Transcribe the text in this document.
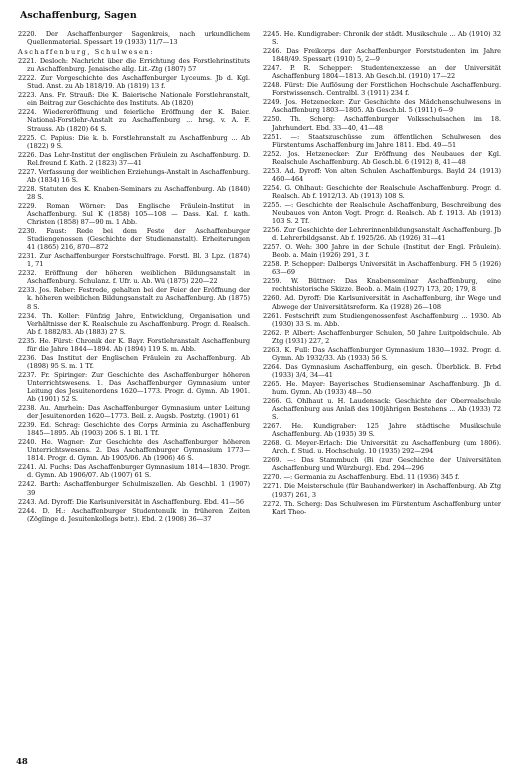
Aschaffenburg, Sagen

2220. Der Aschaffenburger Sagenkreis, nach urkundlichem Quellenmaterial. Spessart 19 (1933) 11/7—13

Aschaffenburg, Schulwesen:

2221. Desloch: Nachricht über die Errichtung des Forstlehrinstituts zu Aschaffenburg. Jenaische allg. Lit.-Ztg (1807) 57

2222. Zur Vorgeschichte des Aschaffenburger Lyceums. Jb d. Kgl. Stud. Anst. zu Ab 1818/19. Ab (1819) 13 f.

2223. Ans. Fr. Strauß: Die K. Baierische Nationale Forstlehranstalt, ein Beitrag zur Geschichte des Instituts. Ab (1820)

2224. Wiedereröffnung und feierliche Eröffnung der K. Baier. National-Forstlehr-Anstalt zu Aschaffenburg ... hrsg. v. A. F. Strauss. Ab (1820) 64 S.

2225. C. Papius: Die k. b. Forstlehranstalt zu Aschaffenburg ... Ab (1822) 9 S.

2226. Das Lehr-Institut der englischen Fräulein zu Aschaffenburg. D. Rel.freund f. Kath. 2 (1823) 37—41

2227. Verfassung der weiblichen Erziehungs-Anstalt in Aschaffenburg. Ab (1834) 16 S.

2228. Statuten des K. Knaben-Seminars zu Aschaffenburg. Ab (1840) 28 S.

2229. Roman Wörner: Das Englische Fräulein-Institut in Aschaffenburg. Sul K (1858) 105—108 — Dass. Kal. f. kath. Christen (1858) 87—90 m. 1 Abb.

2230. Faust: Rede bei dem Feste der Aschaffenburger Studiengenossen (Geschichte der Studienanstalt). Erheiterungen 41 (1865) 216, 870—872

2231. Zur Aschaffenburger Forstschulfrage. Forstl. Bl. 3 Lpz. (1874) 1, 71

2232. Eröffnung der höheren weiblichen Bildungsanstalt in Aschaffenburg. Schulanz. f. Ufr. u. Ab. Wü (1875) 220—22

2233. Jos. Reber: Festrede, gehalten bei der Feier der Eröffnung der k. höheren weiblichen Bildungsanstalt zu Aschaffenburg. Ab (1875) 8 S.

2234. Th. Koller: Fünfzig Jahre, Entwicklung, Organisation und Verhältnisse der K. Realschule zu Aschaffenburg. Progr. d. Realsch. Ab f. 1882/83. Ab (1883) 27 S.

2235. He. Fürst: Chronik der K. Bayr. Forstlehranstalt Aschaffenburg für die Jahre 1844—1894. Ab (1894) 119 S. m. Abb.

2236. Das Institut der Englischen Fräulein zu Aschaffenburg. Ab (1898) 95 S. m. 1 Tf.

2237. Fr. Spiringer: Zur Geschichte des Aschaffenburger höheren Unterrichtswesens. 1. Das Aschaffenburger Gymnasium unter Leitung des Jesuitenordens 1620—1773. Progr. d. Gymn. Ab 1901. Ab (1901) 52 S.

2238. Au. Amrhein: Das Aschaffenburger Gymnasium unter Leitung der Jesuitenorden 1620—1773. Beil. z. Augsb. Postztg. (1901) 61

2239. Ed. Schrag: Geschichte des Corps Arminia zu Aschaffenburg 1845—1895. Ab (1903) 206 S. 1 Bl. 1 Tf.

2240. He. Wagner: Zur Geschichte des Aschaffenburger höheren Unterrichtswesens. 2. Das Aschaffenburger Gymnasium 1773—1814. Progr. d. Gymn. Ab 1905/06. Ab (1906) 46 S.

2241. Al. Fuchs: Das Aschaffenburger Gymnasium 1814—1830. Progr. d. Gymn. Ab 1906/07. Ab (1907) 61 S.

2242. Barth: Aschaffenburger Schulmiszellen. Ab Geschbl. 1 (1907) 39

2243. Ad. Dyroff: Die Karlsuniversität in Aschaffenburg. Ebd. 41—56

2244. D. H.: Aschaffenburger Studentenulk in früheren Zeiten (Zöglinge d. Jesuitenkollegs betr.). Ebd. 2 (1908) 36—37

2245. He. Kundigraber: Chronik der städt. Musikschule ... Ab (1910) 32 S.

2246. Das Freikorps der Aschaffenburger Forststudenten im Jahre 1848/49. Spessart (1910) 5, 2—9

2247. P. R. Schepper: Studentenexzesse an der Universität Aschaffenburg 1804—1813. Ab Gesch.bl. (1910) 17—22

2248. Fürst: Die Auflösung der Forstlichen Hochschule Aschaffenburg. Forstwissensch. Centralbl. 3 (1911) 234 f.

2249. Jos. Hetzenecker: Zur Geschichte des Mädchenschulwesens in Aschaffenburg 1803—1805. Ab Gesch.bl. 5 (1911) 6—9

2250. Th. Scherg: Aschaffenburger Volksschulsachen im 18. Jahrhundert. Ebd. 33—40, 41—48

2251. —: Staatszuschüsse zum öffentlichen Schulwesen des Fürstentums Aschaffenburg im Jahre 1811. Ebd. 49—51

2252. Jos. Hetzenecker: Zur Eröffnung des Neubaues der Kgl. Realschule Aschaffenburg. Ab Gesch.bl. 6 (1912) 8, 41—48

2253. Ad. Dyroff: Von alten Schulen Aschaffenburgs. Bayld 24 (1913) 460—464

2254. G. Ohlhaut: Geschichte der Realschule Aschaffenburg. Progr. d. Realsch. Ab f. 1912/13. Ab (1913) 108 S.

2255. —: Geschichte der Realschule Aschaffenburg, Beschreibung des Neubaues von Anton Vogt. Progr. d. Realsch. Ab f. 1913. Ab (1913) 103 S. 2 Tf.

2256. Zur Geschichte der Lehrerinnenbildungsanstalt Aschaffenburg. Jb d. Lehrerbildgsanst. Ab f. 1925/26. Ab (1926) 31—41

2257. O. Weh: 300 Jahre in der Schule (Institut der Engl. Fräulein). Beob. a. Main (1926) 291, 3 f.

2258. P. Schepper: Dalbergs Universität in Aschaffenburg. FH 5 (1926) 63—69

2259. W. Büttner: Das Knabenseminar Aschaffenburg, eine rechtshistorische Skizze. Beob. a. Main (1927) 173, 20; 179, 8

2260. Ad. Dyroff: Die Karlsuniversität in Aschaffenburg, ihr Wege und Abwege der Universitätsreform. Ka (1928) 26—108

2261. Festschrift zum Studiengenossenfest Aschaffenburg ... 1930. Ab (1930) 33 S. m. Abb.

2262. P. Albert: Aschaffenburger Schulen, 50 Jahre Luitpoldschule. Ab Ztg (1931) 227, 2

2263. K. Full: Das Aschaffenburger Gymnasium 1830—1932. Progr. d. Gymn. Ab 1932/33. Ab (1933) 56 S.

2264. Das Gymnasium Aschaffenburg, ein gesch. Überblick. B. Frbd (1933) 3/4, 34—41

2265. He. Mayer: Bayerisches Studienseminar Aschaffenburg. Jb d. hum. Gymn. Ab (1933) 48—50

2266. G. Ohlhaut u. H. Laudensack: Geschichte der Oberrealschule Aschaffenburg aus Anlaß des 100jährigen Bestehens ... Ab (1933) 72 S.

2267. He. Kundigraber: 125 Jahre städtische Musikschule Aschaffenburg. Ab (1935) 39 S.

2268. G. Meyer-Erlach: Die Universität zu Aschaffenburg (um 1806). Arch. f. Stud. u. Hochschulg. 10 (1935) 292—294

2269. —: Das Stammbuch (Bi (zur Geschichte der Universitäten Aschaffenburg und Würzburg). Ebd. 294—296

2270. —: Germania zu Aschaffenburg. Ebd. 11 (1936) 345 f.

2271. Die Meisterschule (für Bauhandwerker) in Aschaffenburg. Ab Ztg (1937) 261, 3

2272. Th. Scherg: Das Schulwesen im Fürstentum Aschaffenburg unter Karl Theo-

48
